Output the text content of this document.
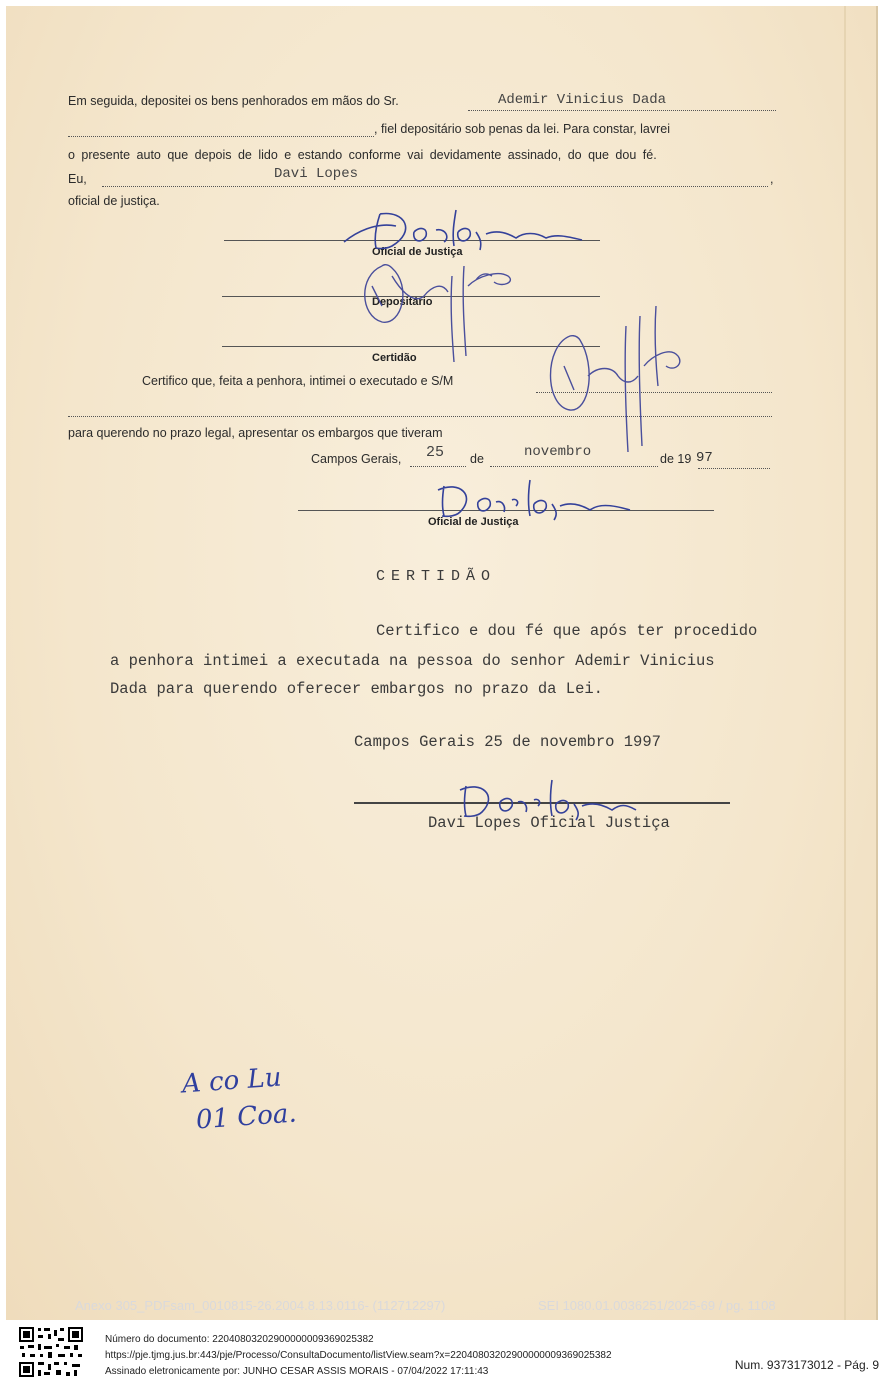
Em seguida, depositei os bens penhorados em mãos do Sr.	Ademir Vinicius Dada
, fiel depositário sob penas da lei. Para constar, lavrei
o presente auto que depois de lido e estando conforme vai devidamente assinado, do que dou fé.
Eu,	Davi Lopes	,
oficial de justiça.
Oficial de Justiça
Depositário
Certidão
Certifico que, feita a penhora, intimei o executado e S/M
para querendo no prazo legal, apresentar os embargos que tiveram
Campos Gerais, 25 de	novembro	de 19 97
Oficial de Justiça
CERTIDÃO
Certifico e dou fé que após ter procedido
a penhora intimei a executada na pessoa do senhor Ademir Vinicius
Dada para querendo oferecer embargos no prazo da Lei.
Campos Gerais 25 de novembro 1997
Davi Lopes Oficial Justiça
A co Lu
01 Coa.
Anexo 305_PDFsam_0010815-26.2004.8.13.0116- (112712297)	SEI 1080.01.0036251/2025-69 / pg. 1108
Número do documento: 22040803202900000009369025382
https://pje.tjmg.jus.br:443/pje/Processo/ConsultaDocumento/listView.seam?x=22040803202900000009369025382
Assinado eletronicamente por: JUNHO CESAR ASSIS MORAIS - 07/04/2022 17:11:43	Num. 9373173012 - Pág. 9
